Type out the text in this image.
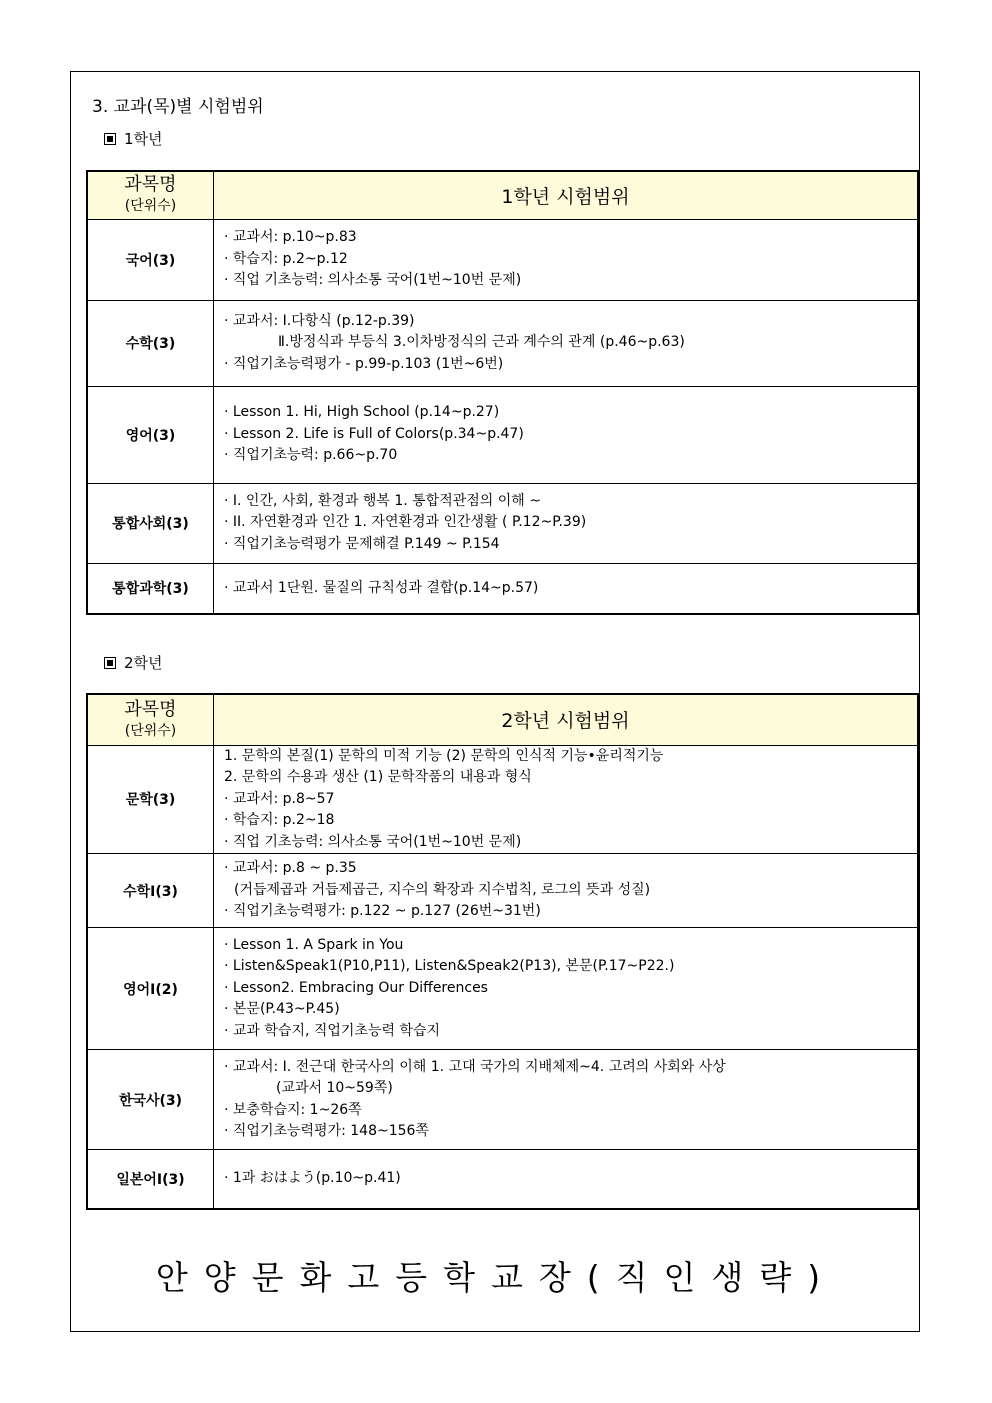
3. 교과(목)별 시험범위
1학년
과목명
(단위수)	1학년 시험범위
국어(3)	· 교과서: p.10~p.83
· 학습지: p.2~p.12
· 직업 기초능력: 의사소통 국어(1번~10번 문제)

수학(3)	· 교과서: Ⅰ.다항식 (p.12-p.39)
Ⅱ.방정식과 부등식 3.이차방정식의 근과 계수의 관계 (p.46~p.63)
· 직업기초능력평가 - p.99-p.103 (1번~6번)

영어(3)	· Lesson 1. Hi, High School (p.14~p.27)
· Lesson 2. Life is Full of Colors(p.34~p.47)
· 직업기초능력: p.66~p.70

통합사회(3)	· I. 인간, 사회, 환경과 행복 1. 통합적관점의 이해 ~
· II. 자연환경과 인간 1. 자연환경과 인간생활 ( P.12~P.39)
· 직업기초능력평가 문제해결 P.149 ~ P.154

통합과학(3)	· 교과서 1단원. 물질의 규칙성과 결합(p.14~p.57)
2학년
과목명
(단위수)	2학년 시험범위
문학(3)	1. 문학의 본질(1) 문학의 미적 기능 (2) 문학의 인식적 기능•윤리적기능
2. 문학의 수용과 생산 (1) 문학작품의 내용과 형식
· 교과서: p.8~57
· 학습지: p.2~18
· 직업 기초능력: 의사소통 국어(1번~10번 문제)

수학Ⅰ(3)	· 교과서: p.8 ~ p.35
(거듭제곱과 거듭제곱근, 지수의 확장과 지수법칙, 로그의 뜻과 성질)
· 직업기초능력평가: p.122 ~ p.127 (26번~31번)

영어Ⅰ(2)	· Lesson 1. A Spark in You
· Listen&Speak1(P10,P11), Listen&Speak2(P13), 본문(P.17~P22.)
· Lesson2. Embracing Our Differences
· 본문(P.43~P.45)
· 교과 학습지, 직업기초능력 학습지

한국사(3)	· 교과서: Ⅰ. 전근대 한국사의 이해 1. 고대 국가의 지배체제~4. 고려의 사회와 사상
(교과서 10~59쪽)
· 보충학습지: 1~26쪽
· 직업기초능력평가: 148~156쪽

일본어Ⅰ(3)	· 1과 おはよう(p.10~p.41)
안양문화고등학교장(직인생략)
